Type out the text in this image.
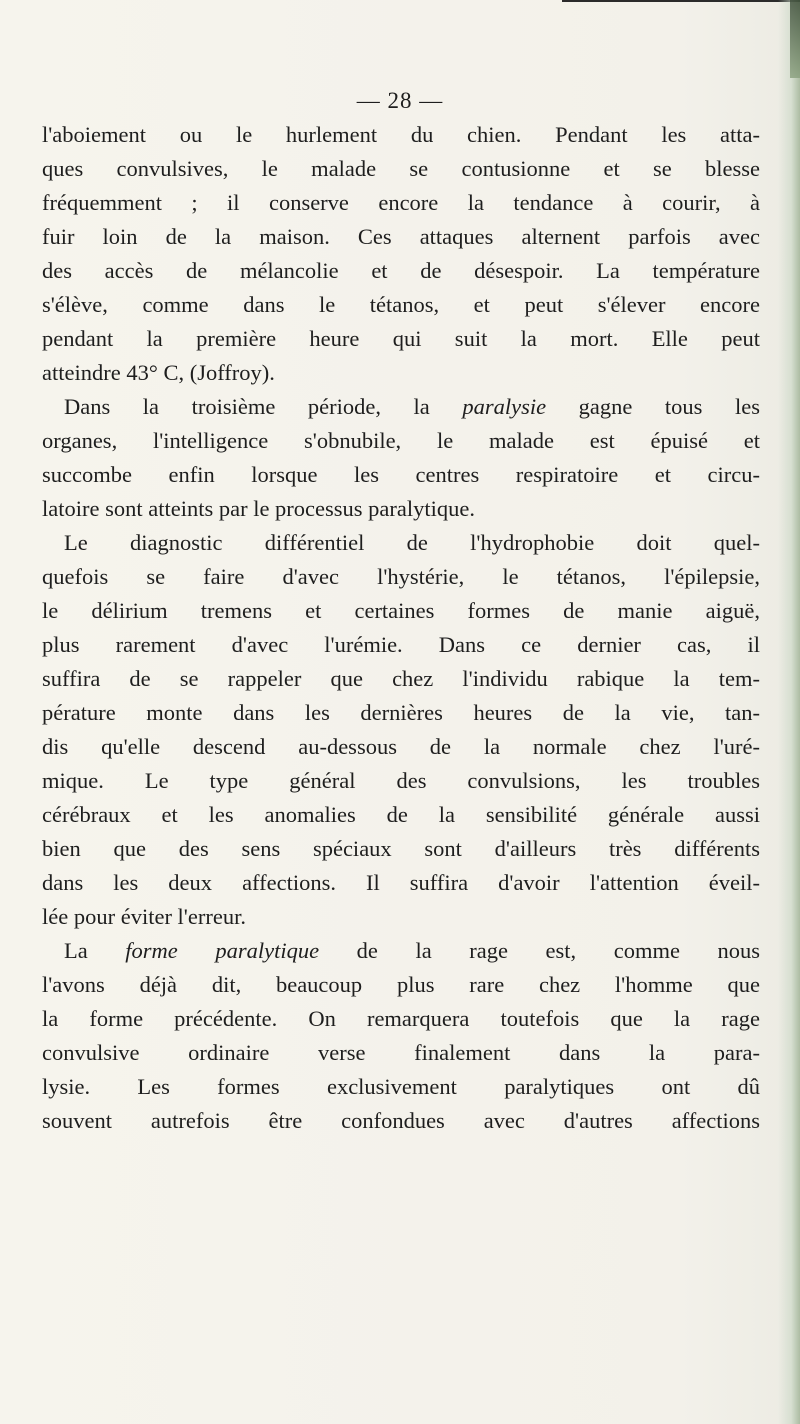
— 28 —
l'aboiement ou le hurlement du chien. Pendant les atta-
ques convulsives, le malade se contusionne et se blesse
fréquemment ; il conserve encore la tendance à courir, à
fuir loin de la maison. Ces attaques alternent parfois avec
des accès de mélancolie et de désespoir. La température
s'élève, comme dans le tétanos, et peut s'élever encore
pendant la première heure qui suit la mort. Elle peut
atteindre 43° C, (Joffroy).
Dans la troisième période, la paralysie gagne tous les
organes, l'intelligence s'obnubile, le malade est épuisé et
succombe enfin lorsque les centres respiratoire et circu-
latoire sont atteints par le processus paralytique.
Le diagnostic différentiel de l'hydrophobie doit quel-
quefois se faire d'avec l'hystérie, le tétanos, l'épilepsie,
le délirium tremens et certaines formes de manie aiguë,
plus rarement d'avec l'urémie. Dans ce dernier cas, il
suffira de se rappeler que chez l'individu rabique la tem-
pérature monte dans les dernières heures de la vie, tan-
dis qu'elle descend au-dessous de la normale chez l'uré-
mique. Le type général des convulsions, les troubles
cérébraux et les anomalies de la sensibilité générale aussi
bien que des sens spéciaux sont d'ailleurs très différents
dans les deux affections. Il suffira d'avoir l'attention éveil-
lée pour éviter l'erreur.
La forme paralytique de la rage est, comme nous
l'avons déjà dit, beaucoup plus rare chez l'homme que
la forme précédente. On remarquera toutefois que la rage
convulsive ordinaire verse finalement dans la para-
lysie. Les formes exclusivement paralytiques ont dû
souvent autrefois être confondues avec d'autres affections
